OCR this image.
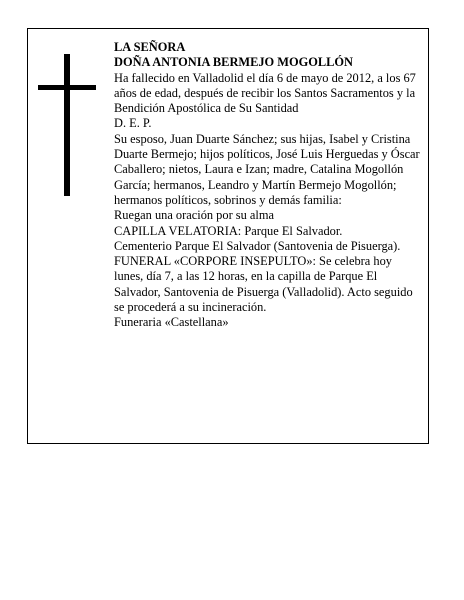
LA SEÑORA

DOÑA ANTONIA BERMEJO MOGOLLÓN

Ha fallecido en Valladolid el día 6 de mayo de 2012, a los 67 años de edad, después de recibir los Santos Sacramentos y la Bendición Apostólica de Su Santidad

D. E. P.

Su esposo, Juan Duarte Sánchez; sus hijas, Isabel y Cristina Duarte Bermejo; hijos políticos, José Luis Herguedas y Óscar Caballero; nietos, Laura e Izan; madre, Catalina Mogollón García; hermanos, Leandro y Martín Bermejo Mogollón; hermanos políticos, sobrinos y demás familia:

Ruegan una oración por su alma

CAPILLA VELATORIA: Parque El Salvador.

Cementerio Parque El Salvador (Santovenia de Pisuerga).

FUNERAL «CORPORE INSEPULTO»: Se celebra hoy lunes, día 7, a las 12 horas, en la capilla de Parque El Salvador, Santovenia de Pisuerga (Valladolid). Acto seguido se procederá a su incineración.

Funeraria «Castellana»
